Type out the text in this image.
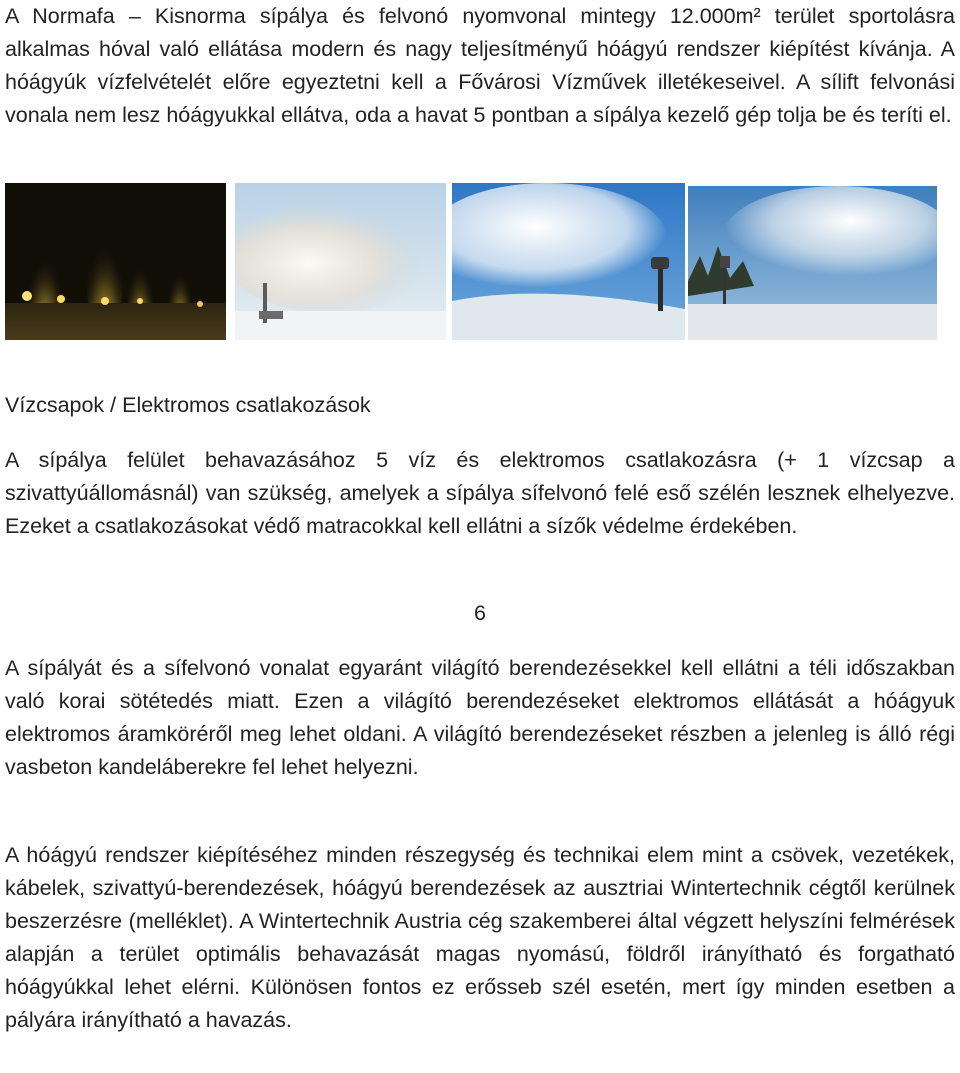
A Normafa – Kisnorma sípálya és felvonó nyomvonal mintegy 12.000m² terület sportolásra alkalmas hóval való ellátása modern és nagy teljesítményű hóágyú rendszer kiépítést kívánja. A hóágyúk vízfelvételét előre egyeztetni kell a Fővárosi Vízművek illetékeseivel. A sílift felvonási vonala nem lesz hóágyukkal ellátva, oda a havat 5 pontban a sípálya kezelő gép tolja be és teríti el.

Vízcsapok / Elektromos csatlakozások

A sípálya felület behavazásához 5 víz és elektromos csatlakozásra (+ 1 vízcsap a szivattyúállomásnál) van szükség, amelyek a sípálya sífelvonó felé eső szélén lesznek elhelyezve. Ezeket a csatlakozásokat védő matracokkal kell ellátni a sízők védelme érdekében.

6

A sípályát és a sífelvonó vonalat egyaránt világító berendezésekkel kell ellátni a téli időszakban való korai sötétedés miatt. Ezen a világító berendezéseket elektromos ellátását a hóágyuk elektromos áramköréről meg lehet oldani. A világító berendezéseket részben a jelenleg is álló régi vasbeton kandeláberekre fel lehet helyezni.

A hóágyú rendszer kiépítéséhez minden részegység és technikai elem mint a csövek, vezetékek, kábelek, szivattyú-berendezések, hóágyú berendezések az ausztriai Wintertechnik cégtől kerülnek beszerzésre (melléklet). A Wintertechnik Austria cég szakemberei által végzett helyszíni felmérések alapján a terület optimális behavazását magas nyomású, földről irányítható és forgatható hóágyúkkal lehet elérni. Különösen fontos ez erősseb szél esetén, mert így minden esetben a pályára irányítható a havazás.
